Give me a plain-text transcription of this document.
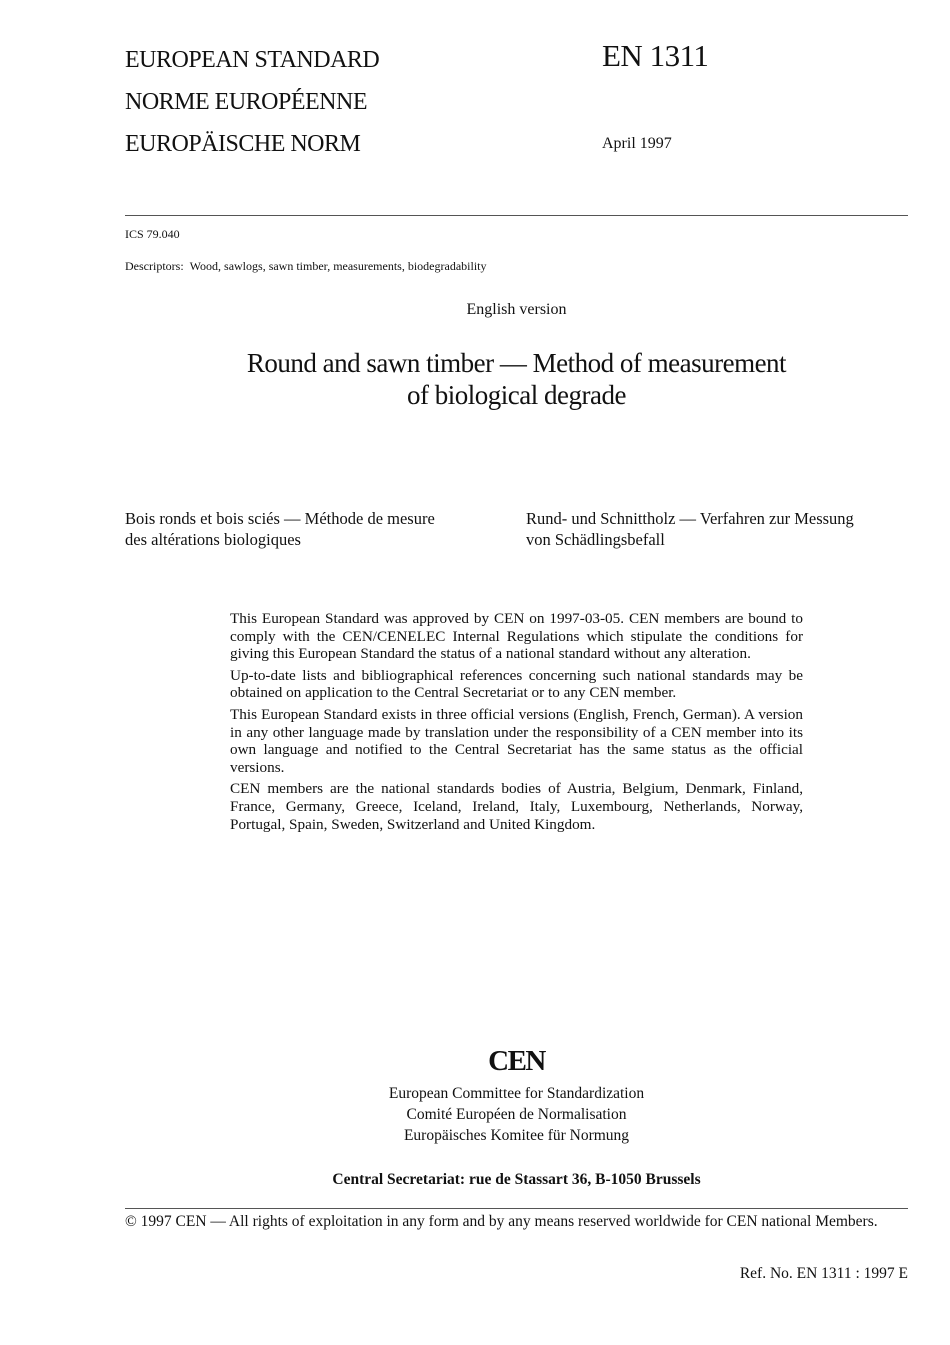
EUROPEAN STANDARD
NORME EUROPÉENNE
EUROPÄISCHE NORM
EN 1311
April 1997
ICS 79.040
Descriptors: Wood, sawlogs, sawn timber, measurements, biodegradability
English version
Round and sawn timber — Method of measurement
of biological degrade
Bois ronds et bois sciés — Méthode de mesure
des altérations biologiques
Rund- und Schnittholz — Verfahren zur Messung
von Schädlingsbefall

This European Standard was approved by CEN on 1997-03-05. CEN members are bound to comply with the CEN/CENELEC Internal Regulations which stipulate the conditions for giving this European Standard the status of a national standard without any alteration.

Up-to-date lists and bibliographical references concerning such national standards may be obtained on application to the Central Secretariat or to any CEN member.

This European Standard exists in three official versions (English, French, German). A version in any other language made by translation under the responsibility of a CEN member into its own language and notified to the Central Secretariat has the same status as the official versions.

CEN members are the national standards bodies of Austria, Belgium, Denmark, Finland, France, Germany, Greece, Iceland, Ireland, Italy, Luxembourg, Netherlands, Norway, Portugal, Spain, Sweden, Switzerland and United Kingdom.

CEN
European Committee for Standardization
Comité Européen de Normalisation
Europäisches Komitee für Normung
Central Secretariat: rue de Stassart 36, B-1050 Brussels
© 1997 CEN — All rights of exploitation in any form and by any means reserved worldwide for CEN national Members.
Ref. No. EN 1311 : 1997 E
